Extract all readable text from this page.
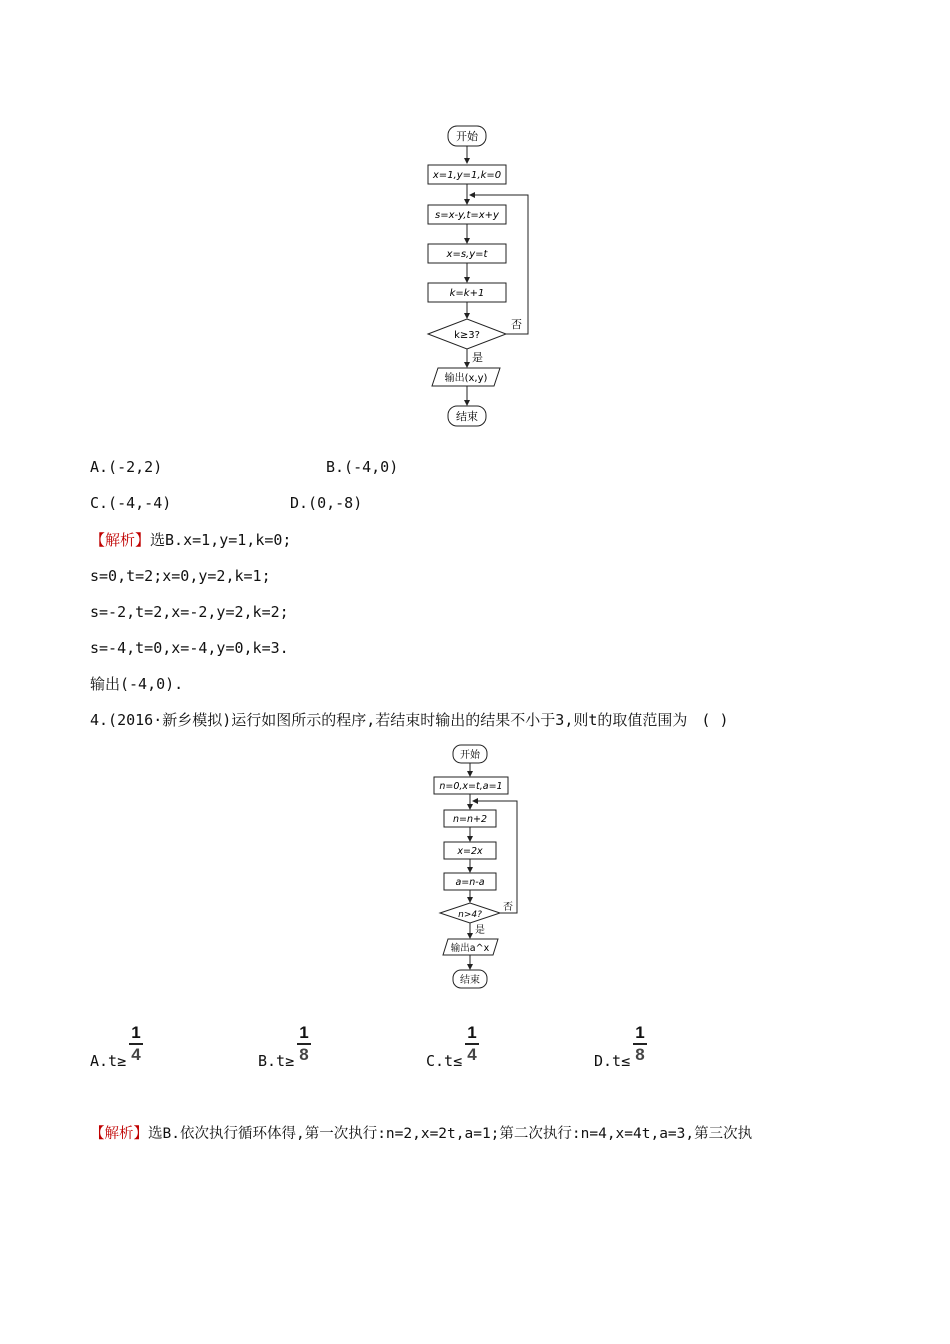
开始
x=1,y=1,k=0
s=x-y,t=x+y
x=s,y=t
k=k+1
k≥3?
否
是
输出(x,y)
结束
A.(-2,2)	B.(-4,0)
C.(-4,-4)	D.(0,-8)
【解析】选B.x=1,y=1,k=0;
s=0,t=2;x=0,y=2,k=1;
s=-2,t=2,x=-2,y=2,k=2;
s=-4,t=0,x=-4,y=0,k=3.
输出(-4,0).
4.(2016·新乡模拟)运行如图所示的程序,若结束时输出的结果不小于3,则t的取值范围为 ( )
开始
n=0,x=t,a=1
n=n+2
x=2x
a=n-a
n>4?
否
是
输出a^x
结束
A.t≥
1
4	B.t≥
1
8	C.t≤
1
4	D.t≤
1
8
【解析】选B.依次执行循环体得,第一次执行:n=2,x=2t,a=1;第二次执行:n=4,x=4t,a=3,第三次执
